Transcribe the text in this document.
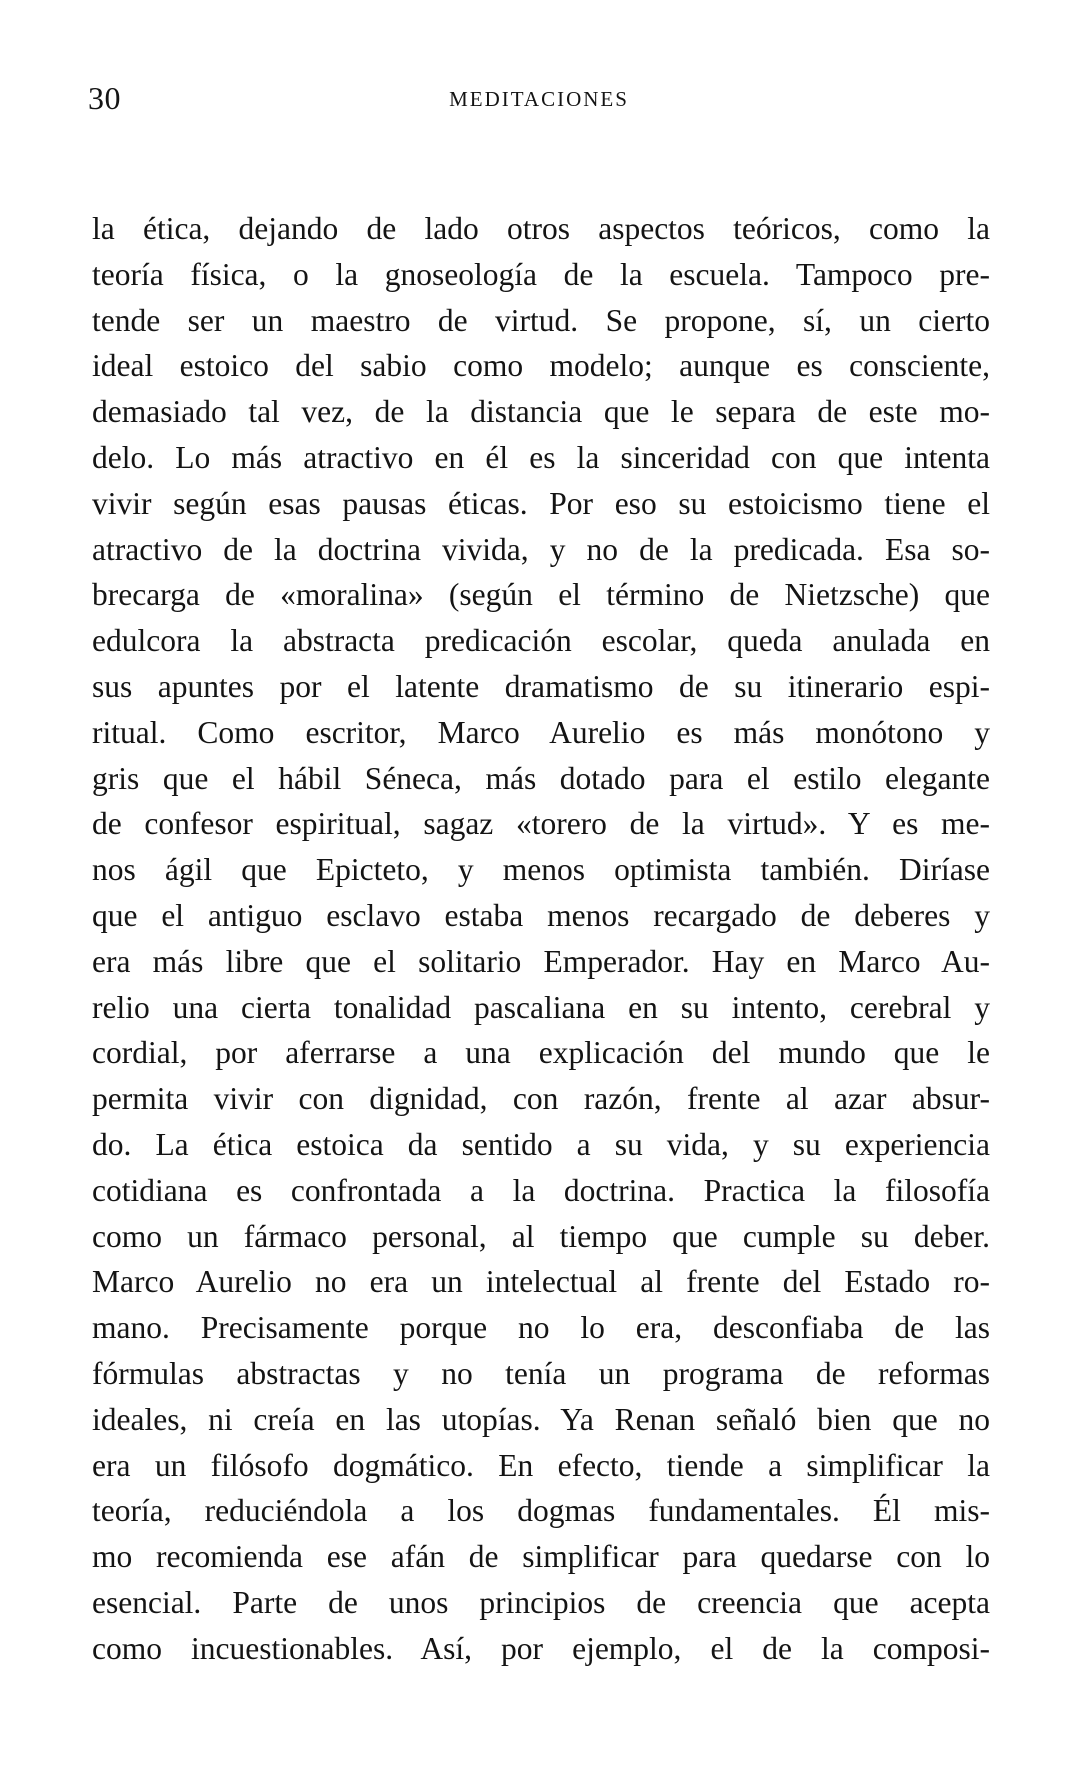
30	MEDITACIONES
la ética, dejando de lado otros aspectos teóricos, como la
teoría física, o la gnoseología de la escuela. Tampoco pre-
tende ser un maestro de virtud. Se propone, sí, un cierto
ideal estoico del sabio como modelo; aunque es consciente,
demasiado tal vez, de la distancia que le separa de este mo-
delo. Lo más atractivo en él es la sinceridad con que intenta
vivir según esas pausas éticas. Por eso su estoicismo tiene el
atractivo de la doctrina vivida, y no de la predicada. Esa so-
brecarga de «moralina» (según el término de Nietzsche) que
edulcora la abstracta predicación escolar, queda anulada en
sus apuntes por el latente dramatismo de su itinerario espi-
ritual. Como escritor, Marco Aurelio es más monótono y
gris que el hábil Séneca, más dotado para el estilo elegante
de confesor espiritual, sagaz «torero de la virtud». Y es me-
nos ágil que Epicteto, y menos optimista también. Diríase
que el antiguo esclavo estaba menos recargado de deberes y
era más libre que el solitario Emperador. Hay en Marco Au-
relio una cierta tonalidad pascaliana en su intento, cerebral y
cordial, por aferrarse a una explicación del mundo que le
permita vivir con dignidad, con razón, frente al azar absur-
do. La ética estoica da sentido a su vida, y su experiencia
cotidiana es confrontada a la doctrina. Practica la filosofía
como un fármaco personal, al tiempo que cumple su deber.
Marco Aurelio no era un intelectual al frente del Estado ro-
mano. Precisamente porque no lo era, desconfiaba de las
fórmulas abstractas y no tenía un programa de reformas
ideales, ni creía en las utopías. Ya Renan señaló bien que no
era un filósofo dogmático. En efecto, tiende a simplificar la
teoría, reduciéndola a los dogmas fundamentales. Él mis-
mo recomienda ese afán de simplificar para quedarse con lo
esencial. Parte de unos principios de creencia que acepta
como incuestionables. Así, por ejemplo, el de la composi-
